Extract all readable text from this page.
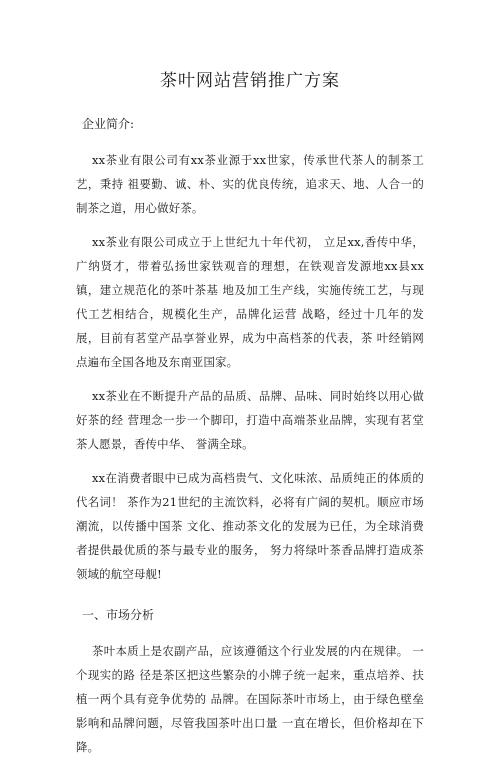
茶叶网站营销推广方案
企业简介:

xx茶业有限公司有xx茶业源于xx世家，传承世代茶人的制茶工艺，秉持 祖要勤、诚、朴、实的优良传统，追求天、地、人合一的制茶之道，用心做好茶。

xx茶业有限公司成立于上世纪九十年代初， 立足xx,香传中华，广纳贤才，带着弘扬世家铁观音的理想，在铁观音发源地xx县xx镇，建立规范化的茶叶茶基 地及加工生产线，实施传统工艺，与现代工艺相结合，规模化生产，品牌化运营 战略，经过十几年的发展，目前有茗堂产品享誉业界，成为中高档茶的代表，茶 叶经销网点遍布全国各地及东南亚国家。

xx茶业在不断提升产品的品质、品牌、品味、同时始终以用心做好茶的经 营理念一步一个脚印，打造中高端茶业品牌，实现有茗堂茶人愿景，香传中华、 誉满全球。

xx在消费者眼中已成为高档贵气、文化味浓、品质纯正的体质的代名词！ 茶作为21世纪的主流饮料，必将有广阔的契机。顺应市场潮流，以传播中国茶 文化、推动茶文化的发展为已任，为全球消费者提供最优质的茶与最专业的服务， 努力将绿叶茶香品牌打造成茶领域的航空母舰!

一、市场分析

茶叶本质上是农副产品，应该遵循这个行业发展的内在规律。 一个现实的路 径是茶区把这些繁杂的小牌子统一起来，重点培养、扶植一两个具有竞争优势的 品牌。在国际茶叶市场上，由于绿色壁垒影响和品牌问题，尽管我国茶叶出口量 一直在增长，但价格却在下降。
